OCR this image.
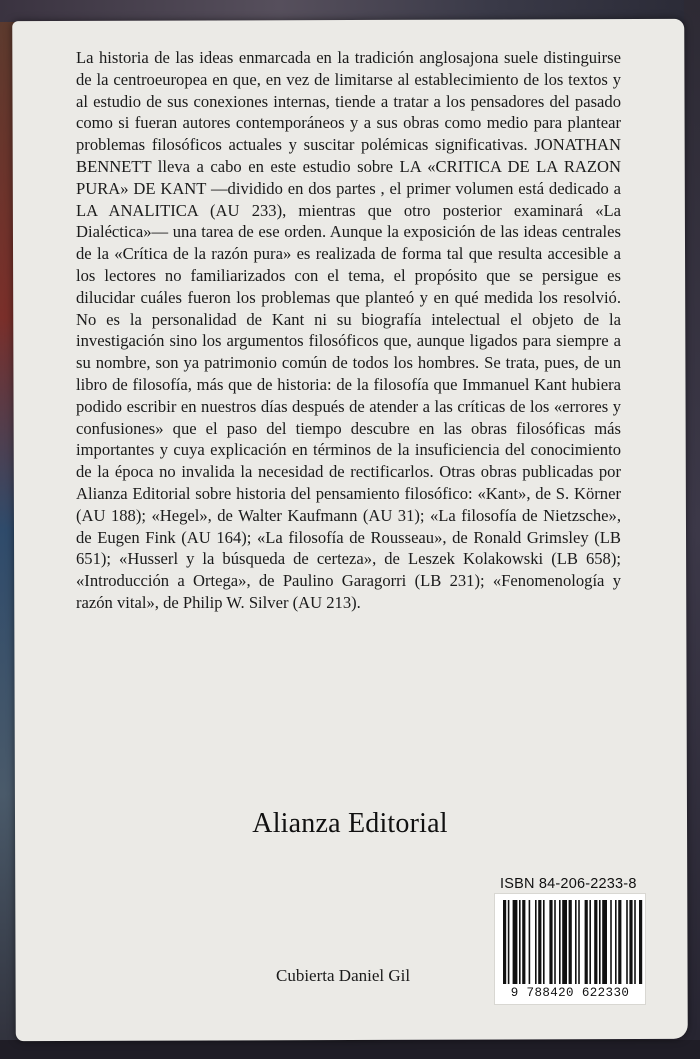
La historia de las ideas enmarcada en la tradición anglosajona suele distinguirse de la centroeuropea en que, en vez de limitarse al establecimiento de los textos y al estudio de sus conexiones internas, tiende a tratar a los pensadores del pasado como si fueran autores contemporáneos y a sus obras como medio para plantear problemas filosóficos actuales y suscitar polémicas significativas. JONATHAN BENNETT lleva a cabo en este estudio sobre LA «CRITICA DE LA RAZON PURA» DE KANT —dividido en dos partes , el primer volumen está dedicado a LA ANALITICA (AU 233), mientras que otro posterior examinará «La Dialéctica»— una tarea de ese orden. Aunque la exposición de las ideas centrales de la «Crítica de la razón pura» es realizada de forma tal que resulta accesible a los lectores no familiarizados con el tema, el propósito que se persigue es dilucidar cuáles fueron los problemas que planteó y en qué medida los resolvió. No es la personalidad de Kant ni su biografía intelectual el objeto de la investigación sino los argumentos filosóficos que, aunque ligados para siempre a su nombre, son ya patrimonio común de todos los hombres. Se trata, pues, de un libro de filosofía, más que de historia: de la filosofía que Immanuel Kant hubiera podido escribir en nuestros días después de atender a las críticas de los «errores y confusiones» que el paso del tiempo descubre en las obras filosóficas más importantes y cuya explicación en términos de la insuficiencia del conocimiento de la época no invalida la necesidad de rectificarlos. Otras obras publicadas por Alianza Editorial sobre historia del pensamiento filosófico: «Kant», de S. Körner (AU 188); «Hegel», de Walter Kaufmann (AU 31); «La filosofía de Nietzsche», de Eugen Fink (AU 164); «La filosofía de Rousseau», de Ronald Grimsley (LB 651); «Husserl y la búsqueda de certeza», de Leszek Kolakowski (LB 658); «Introducción a Ortega», de Paulino Garagorri (LB 231); «Fenomenología y razón vital», de Philip W. Silver (AU 213).
Alianza Editorial
ISBN 84-206-2233-8
9 788420 622330
Cubierta Daniel Gil
